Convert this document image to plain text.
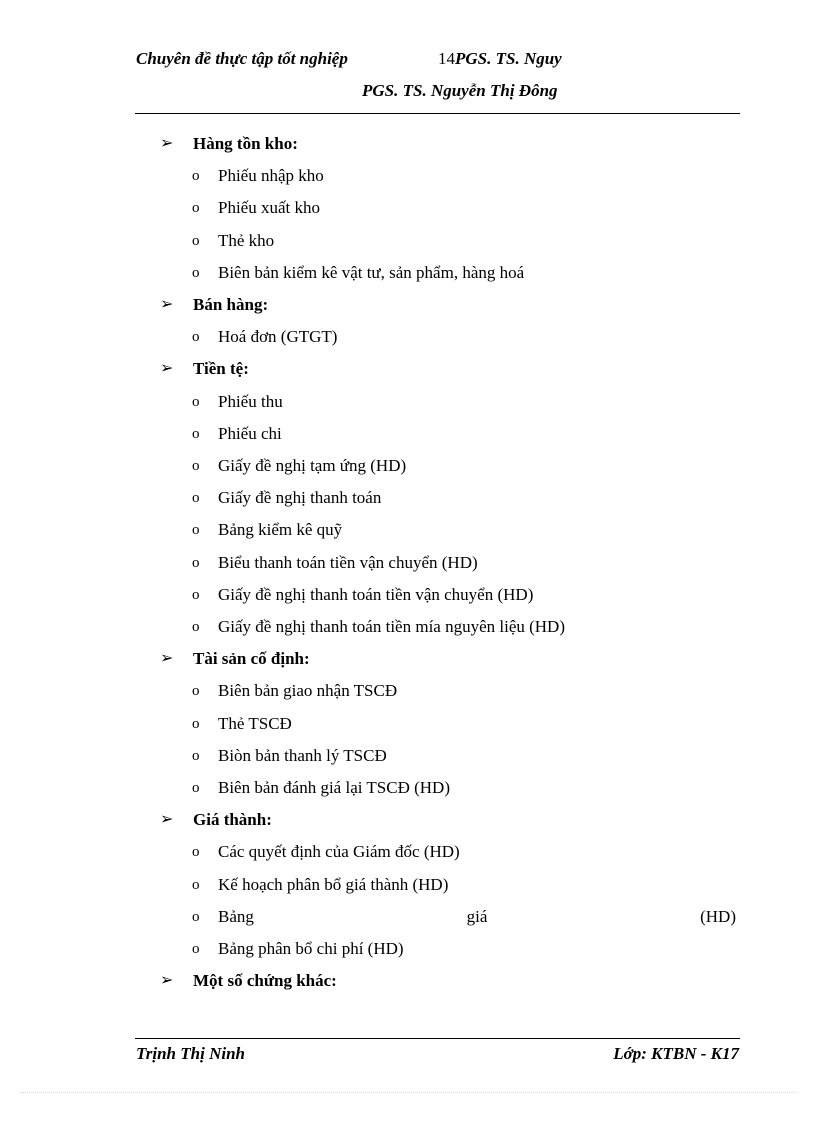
Chuyên đề thực tập tốt nghiệp	14PGS. TS. Nguy
PGS. TS. Nguyễn Thị Đông
➢ Hàng tồn kho:
o Phiếu nhập kho
o Phiếu xuất kho
o Thẻ kho
o Biên bản kiểm kê vật tư, sản phẩm, hàng hoá
➢ Bán hàng:
o Hoá đơn (GTGT)
➢ Tiền tệ:
o Phiếu thu
o Phiếu chi
o Giấy đề nghị tạm ứng (HD)
o Giấy đề nghị thanh toán
o Bảng kiểm kê quỹ
o Biểu thanh toán tiền vận chuyển (HD)
o Giấy đề nghị thanh toán tiền vận chuyển (HD)
o Giấy đề nghị thanh toán tiền mía nguyên liệu (HD)
➢ Tài sản cố định:
o Biên bản giao nhận TSCĐ
o Thẻ TSCĐ
o Biòn bản thanh lý TSCĐ
o Biên bản đánh giá lại TSCĐ (HD)
➢ Giá thành:
o Các quyết định của Giám đốc (HD)
o Kế hoạch phân bổ giá thành (HD)
o Bảng	giá	(HD)
o Bảng phân bổ chi phí (HD)
➢ Một số chứng khác:
Trịnh Thị Ninh	Lớp: KTBN - K17
